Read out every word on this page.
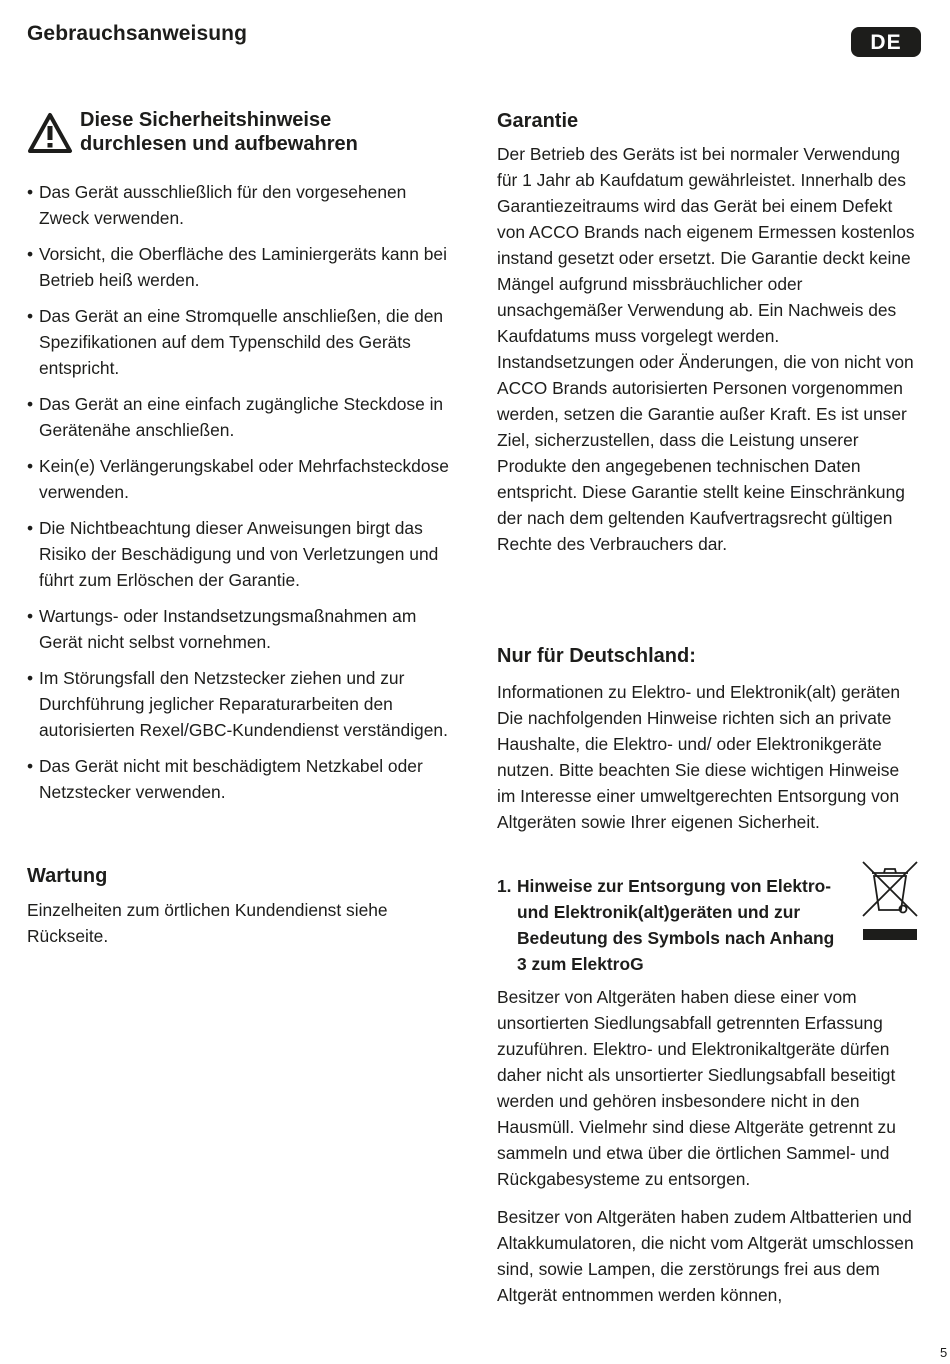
Gebrauchsanweisung	DE
Diese Sicherheitshinweise
durchlesen und aufbewahren
• Das Gerät ausschließlich für den vorgesehenen Zweck verwenden.
• Vorsicht, die Oberfläche des Laminiergeräts kann bei Betrieb heiß werden.
• Das Gerät an eine Stromquelle anschließen, die den Spezifikationen auf dem Typenschild des Geräts entspricht.
• Das Gerät an eine einfach zugängliche Steckdose in Gerätenähe anschließen.
• Kein(e) Verlängerungskabel oder Mehrfachsteckdose verwenden.
• Die Nichtbeachtung dieser Anweisungen birgt das Risiko der Beschädigung und von Verletzungen und führt zum Erlöschen der Garantie.
• Wartungs- oder Instandsetzungsmaßnahmen am Gerät nicht selbst vornehmen.
• Im Störungsfall den Netzstecker ziehen und zur Durchführung jeglicher Reparaturarbeiten den autorisierten Rexel/GBC-Kundendienst verständigen.
• Das Gerät nicht mit beschädigtem Netzkabel oder Netzstecker verwenden.
Wartung

Einzelheiten zum örtlichen Kundendienst siehe Rückseite.

Garantie

Der Betrieb des Geräts ist bei normaler Verwendung für 1 Jahr ab Kaufdatum gewährleistet. Innerhalb des Garantiezeitraums wird das Gerät bei einem Defekt von ACCO Brands nach eigenem Ermessen kostenlos instand gesetzt oder ersetzt. Die Garantie deckt keine Mängel aufgrund missbräuchlicher oder unsachgemäßer Verwendung ab. Ein Nachweis des Kaufdatums muss vorgelegt werden. Instandsetzungen oder Änderungen, die von nicht von ACCO Brands autorisierten Personen vorgenommen werden, setzen die Garantie außer Kraft. Es ist unser Ziel, sicherzustellen, dass die Leistung unserer Produkte den angegebenen technischen Daten entspricht. Diese Garantie stellt keine Einschränkung der nach dem geltenden Kaufvertragsrecht gültigen Rechte des Verbrauchers dar.

Nur für Deutschland:

Informationen zu Elektro- und Elektronik(alt) geräten Die nachfolgenden Hinweise richten sich an private Haushalte, die Elektro- und/ oder Elektronikgeräte nutzen. Bitte beachten Sie diese wichtigen Hinweise im Interesse einer umweltgerechten Entsorgung von Altgeräten sowie Ihrer eigenen Sicherheit.

1. Hinweise zur Entsorgung von Elektro- und Elektronik(alt)geräten und zur Bedeutung des Symbols nach Anhang 3 zum ElektroG

Besitzer von Altgeräten haben diese einer vom unsortierten Siedlungsabfall getrennten Erfassung zuzuführen. Elektro- und Elektronikaltgeräte dürfen daher nicht als unsortierter Siedlungsabfall beseitigt werden und gehören insbesondere nicht in den Hausmüll. Vielmehr sind diese Altgeräte getrennt zu sammeln und etwa über die örtlichen Sammel- und Rückgabesysteme zu entsorgen.

Besitzer von Altgeräten haben zudem Altbatterien und Altakkumulatoren, die nicht vom Altgerät umschlossen sind, sowie Lampen, die zerstörungs frei aus dem Altgerät entnommen werden können,

5
